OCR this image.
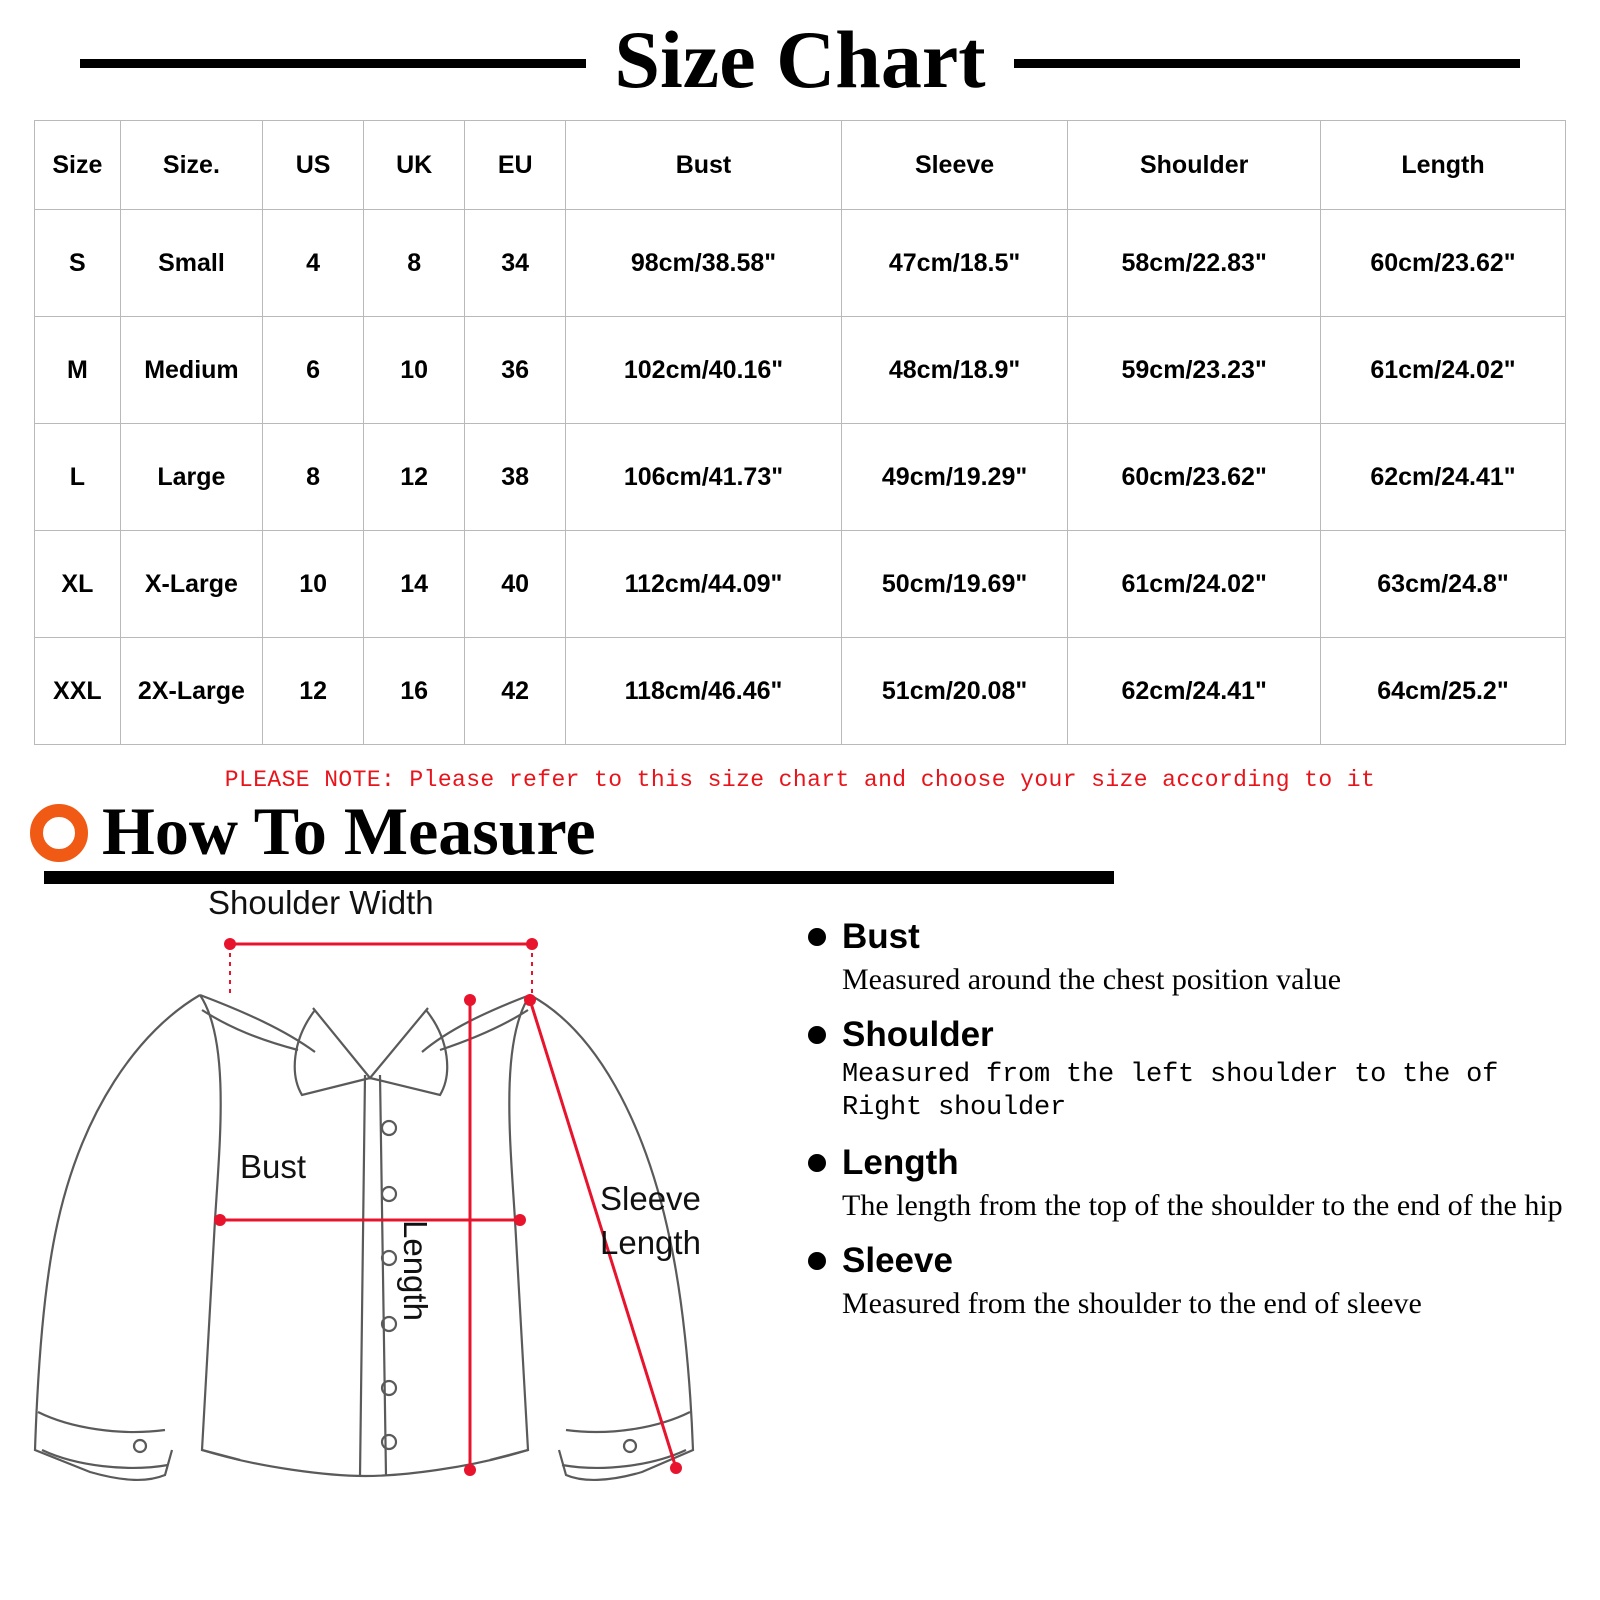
Size Chart
Size	Size.	US	UK	EU	Bust	Sleeve	Shoulder	Length
S	Small	4	8	34	98cm/38.58"	47cm/18.5"	58cm/22.83"	60cm/23.62"
M	Medium	6	10	36	102cm/40.16"	48cm/18.9"	59cm/23.23"	61cm/24.02"
L	Large	8	12	38	106cm/41.73"	49cm/19.29"	60cm/23.62"	62cm/24.41"
XL	X-Large	10	14	40	112cm/44.09"	50cm/19.69"	61cm/24.02"	63cm/24.8"
XXL	2X-Large	12	16	42	118cm/46.46"	51cm/20.08"	62cm/24.41"	64cm/25.2"
PLEASE NOTE: Please refer to this size chart and choose your size according to it
How To Measure
Shoulder Width
Bust
Length
Sleeve
Length
Bust
Measured around the chest position value
Shoulder
Measured from the left shoulder to the of Right shoulder
Length
The length from the top of the shoulder to the end of the hip
Sleeve
Measured from the shoulder to the end of sleeve
